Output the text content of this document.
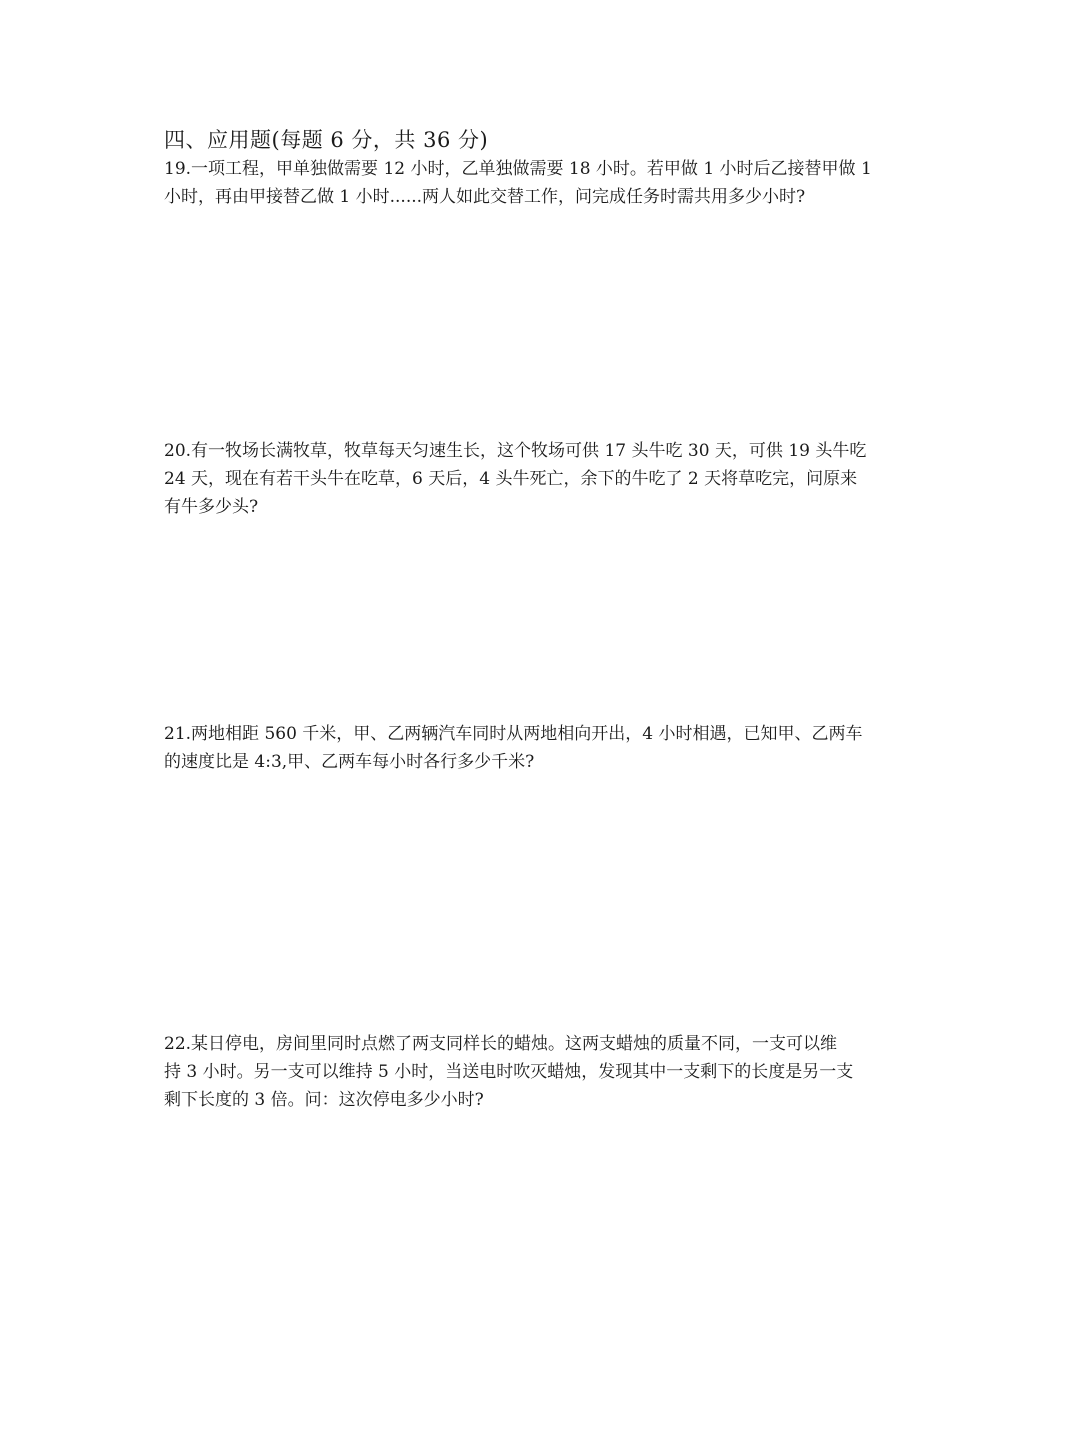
四、应用题(每题 6 分，共 36 分)

19.一项工程，甲单独做需要 12 小时，乙单独做需要 18 小时。若甲做 1 小时后乙接替甲做 1

小时，再由甲接替乙做 1 小时......两人如此交替工作，问完成任务时需共用多少小时?

20.有一牧场长满牧草，牧草每天匀速生长，这个牧场可供 17 头牛吃 30 天，可供 19 头牛吃

24 天，现在有若干头牛在吃草，6 天后，4 头牛死亡，余下的牛吃了 2 天将草吃完，问原来

有牛多少头?

21.两地相距 560 千米，甲、乙两辆汽车同时从两地相向开出，4 小时相遇，已知甲、乙两车

的速度比是 4:3,甲、乙两车每小时各行多少千米?

22.某日停电，房间里同时点燃了两支同样长的蜡烛。这两支蜡烛的质量不同，一支可以维

持 3 小时。另一支可以维持 5 小时，当送电时吹灭蜡烛，发现其中一支剩下的长度是另一支

剩下长度的 3 倍。问：这次停电多少小时?
